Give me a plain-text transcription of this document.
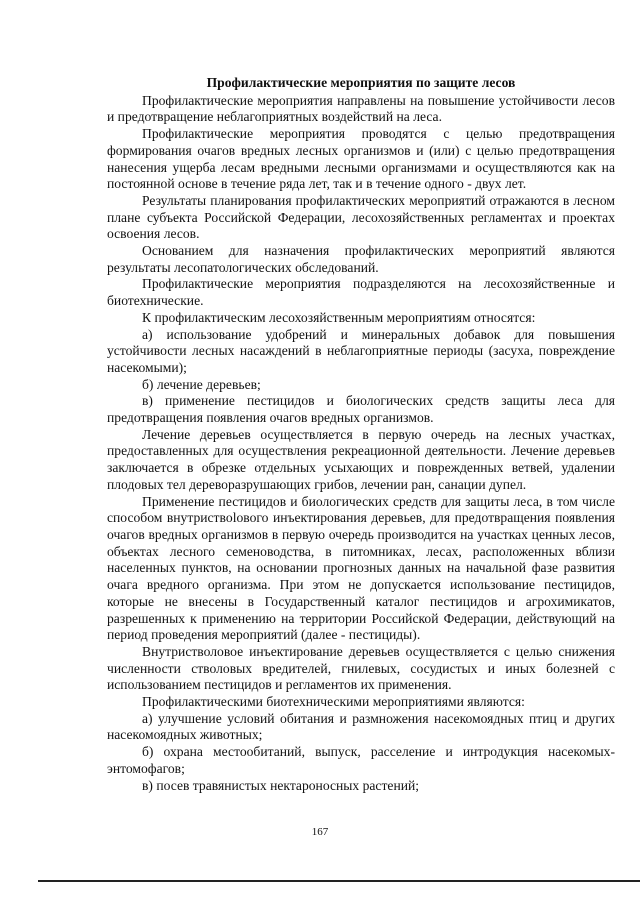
Профилактические мероприятия по защите лесов

Профилактические мероприятия направлены на повышение устойчивости лесов и предотвращение неблагоприятных воздействий на леса.

Профилактические мероприятия проводятся с целью предотвращения формирования очагов вредных лесных организмов и (или) с целью предотвращения нанесения ущерба лесам вредными лесными организмами и осуществляются как на постоянной основе в течение ряда лет, так и в течение одного - двух лет.

Результаты планирования профилактических мероприятий отражаются в лесном плане субъекта Российской Федерации, лесохозяйственных регламентах и проектах освоения лесов.

Основанием для назначения профилактических мероприятий являются результаты лесопатологических обследований.

Профилактические мероприятия подразделяются на лесохозяйственные и биотехнические.

К профилактическим лесохозяйственным мероприятиям относятся:

а) использование удобрений и минеральных добавок для повышения устойчивости лесных насаждений в неблагоприятные периоды (засуха, повреждение насекомыми);

б) лечение деревьев;

в) применение пестицидов и биологических средств защиты леса для предотвращения появления очагов вредных организмов.

Лечение деревьев осуществляется в первую очередь на лесных участках, предоставленных для осуществления рекреационной деятельности. Лечение деревьев заключается в обрезке отдельных усыхающих и поврежденных ветвей, удалении плодовых тел дереворазрушающих грибов, лечении ран, санации дупел.

Применение пестицидов и биологических средств для защиты леса, в том числе способом внутриствolового инъектирования деревьев, для предотвращения появления очагов вредных организмов в первую очередь производится на участках ценных лесов, объектах лесного семеноводства, в питомниках, лесах, расположенных вблизи населенных пунктов, на основании прогнозных данных на начальной фазе развития очага вредного организма. При этом не допускается использование пестицидов, которые не внесены в Государственный каталог пестицидов и агрохимикатов, разрешенных к применению на территории Российской Федерации, действующий на период проведения мероприятий (далее - пестициды).

Внутристволовое инъектирование деревьев осуществляется с целью снижения численности стволовых вредителей, гнилевых, сосудистых и иных болезней с использованием пестицидов и регламентов их применения.

Профилактическими биотехническими мероприятиями являются:

а) улучшение условий обитания и размножения насекомоядных птиц и других насекомоядных животных;

б) охрана местообитаний, выпуск, расселение и интродукция насекомых-энтомофагов;

в) посев травянистых нектароносных растений;

167
